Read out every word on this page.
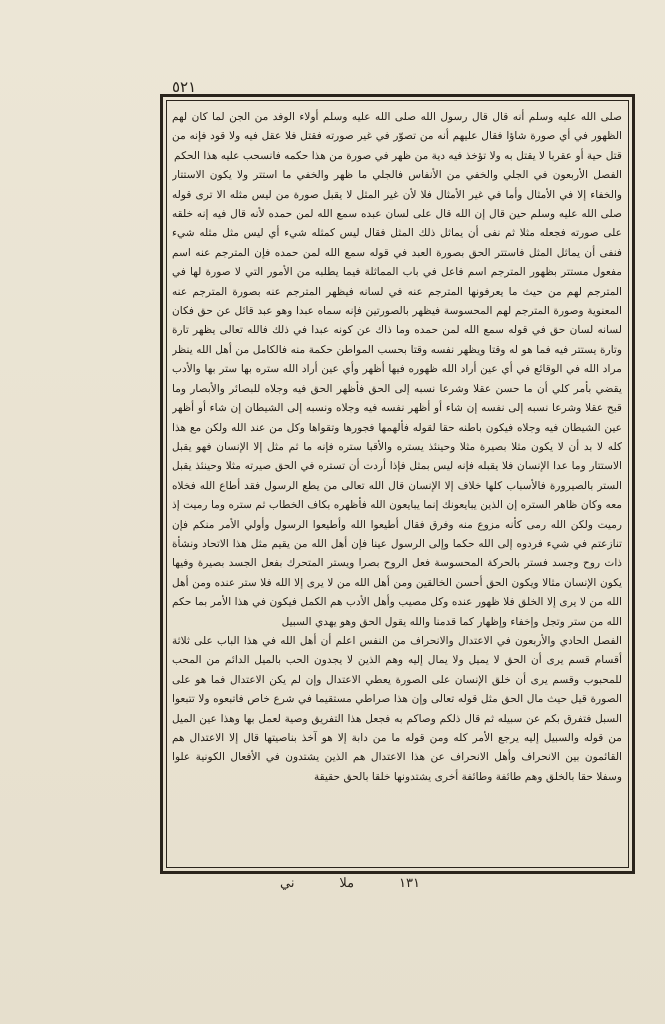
٥٢١

صلى الله عليه وسلم أنه قال قال رسول الله صلى الله عليه وسلم أولاء الوفد من الجن لما كان لهم الظهور في أي صورة شاؤا فقال عليهم أنه من تصوّر في غير صورته فقتل فلا عقل فيه ولا قود فإنه من قتل حية أو عقربا لا يقتل به ولا تؤخذ فيه دية من ظهر في صورة من هذا حكمه فانسحب عليه هذا الحكم

الفصل الأربعون في الجلي والخفي من الأنفاس فالجلي ما ظهر والخفي ما استتر ولا يكون الاستتار والخفاء إلا في الأمثال وأما في غير الأمثال فلا لأن غير المثل لا يقبل صورة من ليس مثله الا ترى قوله صلى الله عليه وسلم حين قال إن الله قال على لسان عبده سمع الله لمن حمده لأنه قال فيه إنه خلقه على صورته فجعله مثلا ثم نفى أن يماثل ذلك المثل فقال ليس كمثله شيء أي ليس مثل مثله شيء فنفى أن يماثل المثل فاستتر الحق بصورة العبد في قوله سمع الله لمن حمده فإن المترجم عنه اسم مفعول مستتر بظهور المترجم اسم فاعل في باب المماثلة فيما يطلبه من الأمور التي لا صورة لها في المترجم لهم من حيث ما يعرفونها المترجم عنه في لسانه فيظهر المترجم عنه بصورة المترجم عنه المعنوية وصورة المترجم لهم المحسوسة فيظهر بالصورتين فإنه سماه عبدا وهو عبد قائل عن حق فكان لسانه لسان حق في قوله سمع الله لمن حمده وما ذاك عن كونه عبدا في ذلك فالله تعالى يظهر تارة وتارة يستتر فيه فما هو له وقتا ويظهر نفسه وقتا بحسب المواطن حكمة منه فالكامل من أهل الله ينظر مراد الله في الوقائع في أي عين أراد الله ظهوره فيها أظهر وأي عين أراد الله ستره بها ستر بها والأدب يقضي بأمر كلي أن ما حسن عقلا وشرعا نسبه إلى الحق فأظهر الحق فيه وجلاه للبصائر والأبصار وما قبح عقلا وشرعا نسبه إلى نفسه إن شاء أو أظهر نفسه فيه وجلاه ونسبه إلى الشيطان إن شاء أو أظهر عين الشيطان فيه وجلاه فيكون باطنه حقا لقوله فألهمها فجورها وتقواها وكل من عند الله ولكن مع هذا كله لا بد أن لا يكون مثلا بصيرة مثلا وحينئذ يستره والأقبا ستره فإنه ما ثم مثل إلا الإنسان فهو يقبل الاستتار وما عدا الإنسان فلا يقبله فإنه ليس بمثل فإذا أردت أن تستره في الحق صيرته مثلا وحينئذ يقبل الستر بالصيرورة فالأسباب كلها خلاف إلا الإنسان قال الله تعالى من يطع الرسول فقد أطاع الله فخلاه معه وكان ظاهر الستره إن الذين يبايعونك إنما يبايعون الله فأظهره بكاف الخطاب ثم ستره وما رميت إذ رميت ولكن الله رمى كأنه مزوع منه وفرق فقال أطيعوا الله وأطيعوا الرسول وأولي الأمر منكم فإن تنازعتم في شيء فردوه إلى الله حكما وإلى الرسول عينا فإن أهل الله من يقيم مثل هذا الاتحاد ونشأة ذات روح وجسد فستر بالحركة المحسوسة فعل الروح بصرا ويستر المتحرك بفعل الجسد بصيرة وفيها يكون الإنسان مثالا ويكون الحق أحسن الخالقين ومن أهل الله من لا يرى إلا الله فلا ستر عنده ومن أهل الله من لا يرى إلا الخلق فلا ظهور عنده وكل مصيب وأهل الأدب هم الكمل فيكون في هذا الأمر بما حكم الله من ستر وتجل وإخفاء وإظهار كما قدمنا والله يقول الحق وهو يهدي السبيل

الفصل الحادي والأربعون في الاعتدال والانحراف من النفس اعلم أن أهل الله في هذا الباب على ثلاثة أقسام قسم يرى أن الحق لا يميل ولا يمال إليه وهم الذين لا يجدون الحب بالميل الدائم من المحب للمحبوب وقسم يرى أن خلق الإنسان على الصورة يعطي الاعتدال وإن لم يكن الاعتدال فما هو على الصورة قيل حيث مال الحق مثل قوله تعالى وإن هذا صراطي مستقيما في شرع خاص فاتبعوه ولا تتبعوا السبل فتفرق بكم عن سبيله ثم قال ذلكم وصاكم به فجعل هذا التفريق وصية لعمل بها وهذا عين الميل من قوله والسبيل إليه يرجع الأمر كله ومن قوله ما من دابة إلا هو آخذ بناصيتها قال إلا الاعتدال هم القائمون بين الانحراف وأهل الانحراف عن هذا الاعتدال هم الذين يشتدون في الأفعال الكونية علوا وسفلا حقا بالخلق وهم طائفة وطائفة أخرى يشتدونها خلقا بالحق حقيقة

١٣١
ملا
ني
